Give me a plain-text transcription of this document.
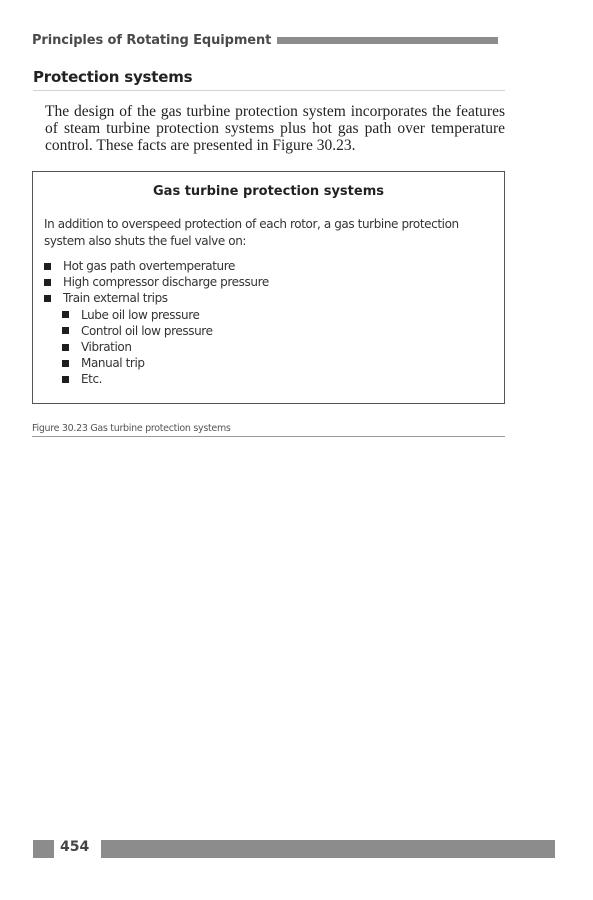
Principles of Rotating Equipment
Protection systems

The design of the gas turbine protection system incorporates the features of steam turbine protection systems plus hot gas path over temperature control. These facts are presented in Figure 30.23.

Gas turbine protection systems

In addition to overspeed protection of each rotor, a gas turbine protection system also shuts the fuel valve on:

Hot gas path overtemperature
High compressor discharge pressure
Train external trips
Lube oil low pressure
Control oil low pressure
Vibration
Manual trip
Etc.
Figure 30.23 Gas turbine protection systems
454
